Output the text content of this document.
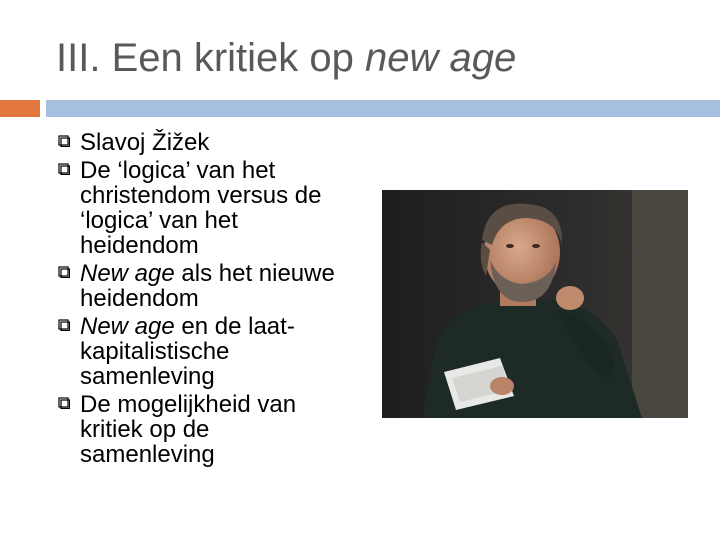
III. Een kritiek op new age
Slavoj Žižek
De ‘logica’ van het christendom versus de ‘logica’ van het heidendom
New age als het nieuwe heidendom
New age en de laat-kapitalistische samenleving
De mogelijkheid van kritiek op de samenleving
